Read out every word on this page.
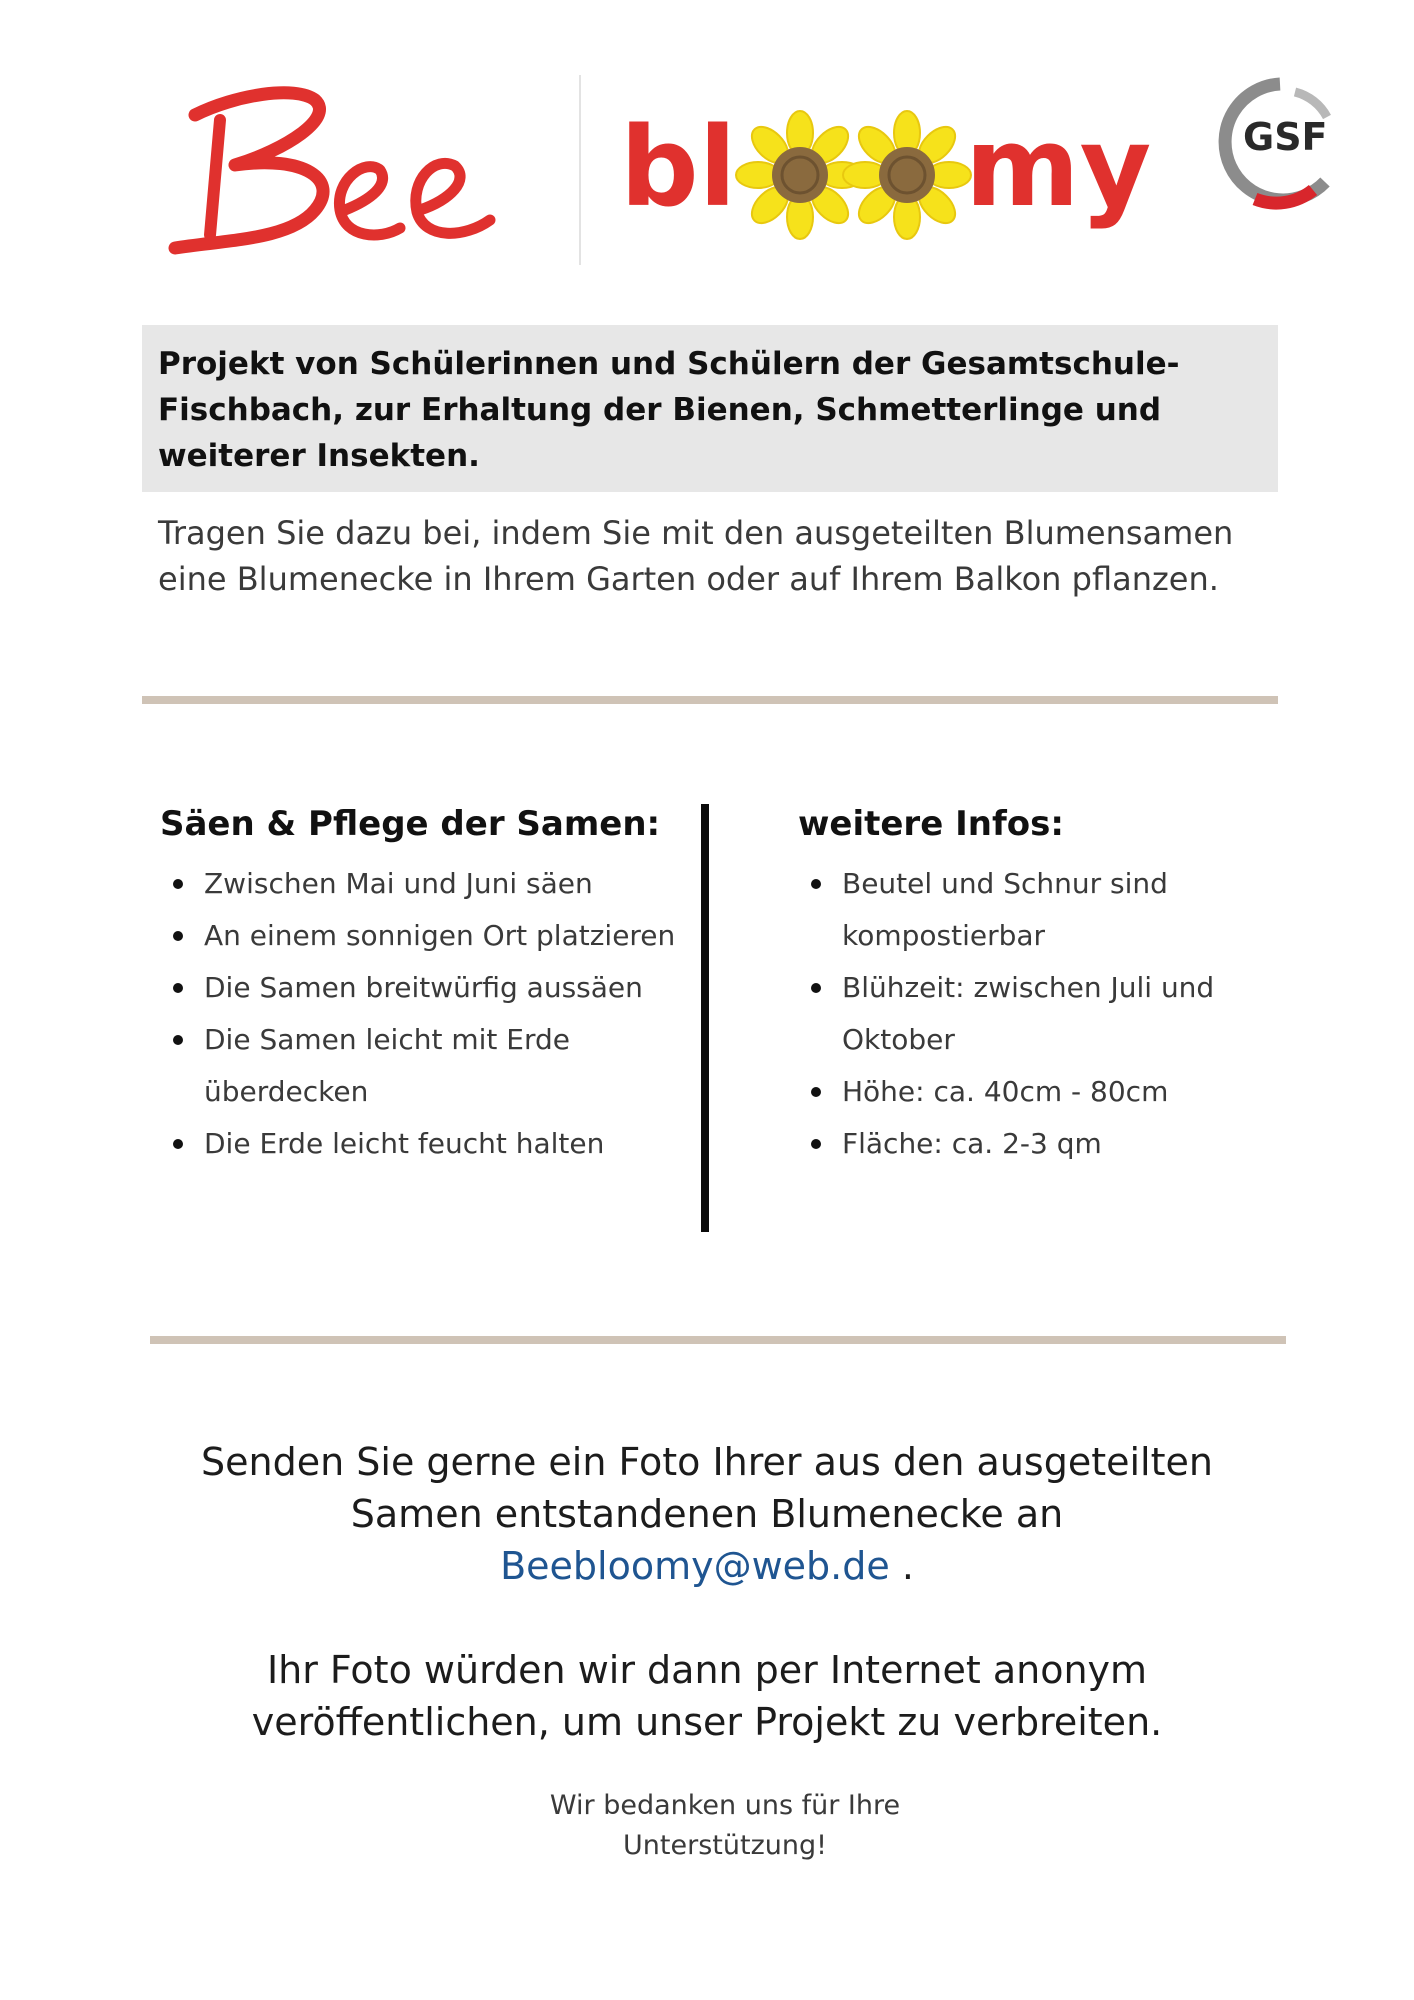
bl my GSF

Projekt von Schülerinnen und Schülern der Gesamtschule-Fischbach, zur Erhaltung der Bienen, Schmetterlinge und weiterer Insekten.

Tragen Sie dazu bei, indem Sie mit den ausgeteilten Blumensamen eine Blumenecke in Ihrem Garten oder auf Ihrem Balkon pflanzen.

Säen & Pflege der Samen:
Zwischen Mai und Juni säen
An einem sonnigen Ort platzieren
Die Samen breitwürfig aussäen
Die Samen leicht mit Erde überdecken
Die Erde leicht feucht halten
weitere Infos:
Beutel und Schnur sind kompostierbar
Blühzeit: zwischen Juli und Oktober
Höhe: ca. 40cm - 80cm
Fläche: ca. 2-3 qm

Senden Sie gerne ein Foto Ihrer aus den ausgeteilten Samen entstandenen Blumenecke an
Beebloomy@web.de .

Ihr Foto würden wir dann per Internet anonym veröffentlichen, um unser Projekt zu verbreiten.

Wir bedanken uns für Ihre Unterstützung!
